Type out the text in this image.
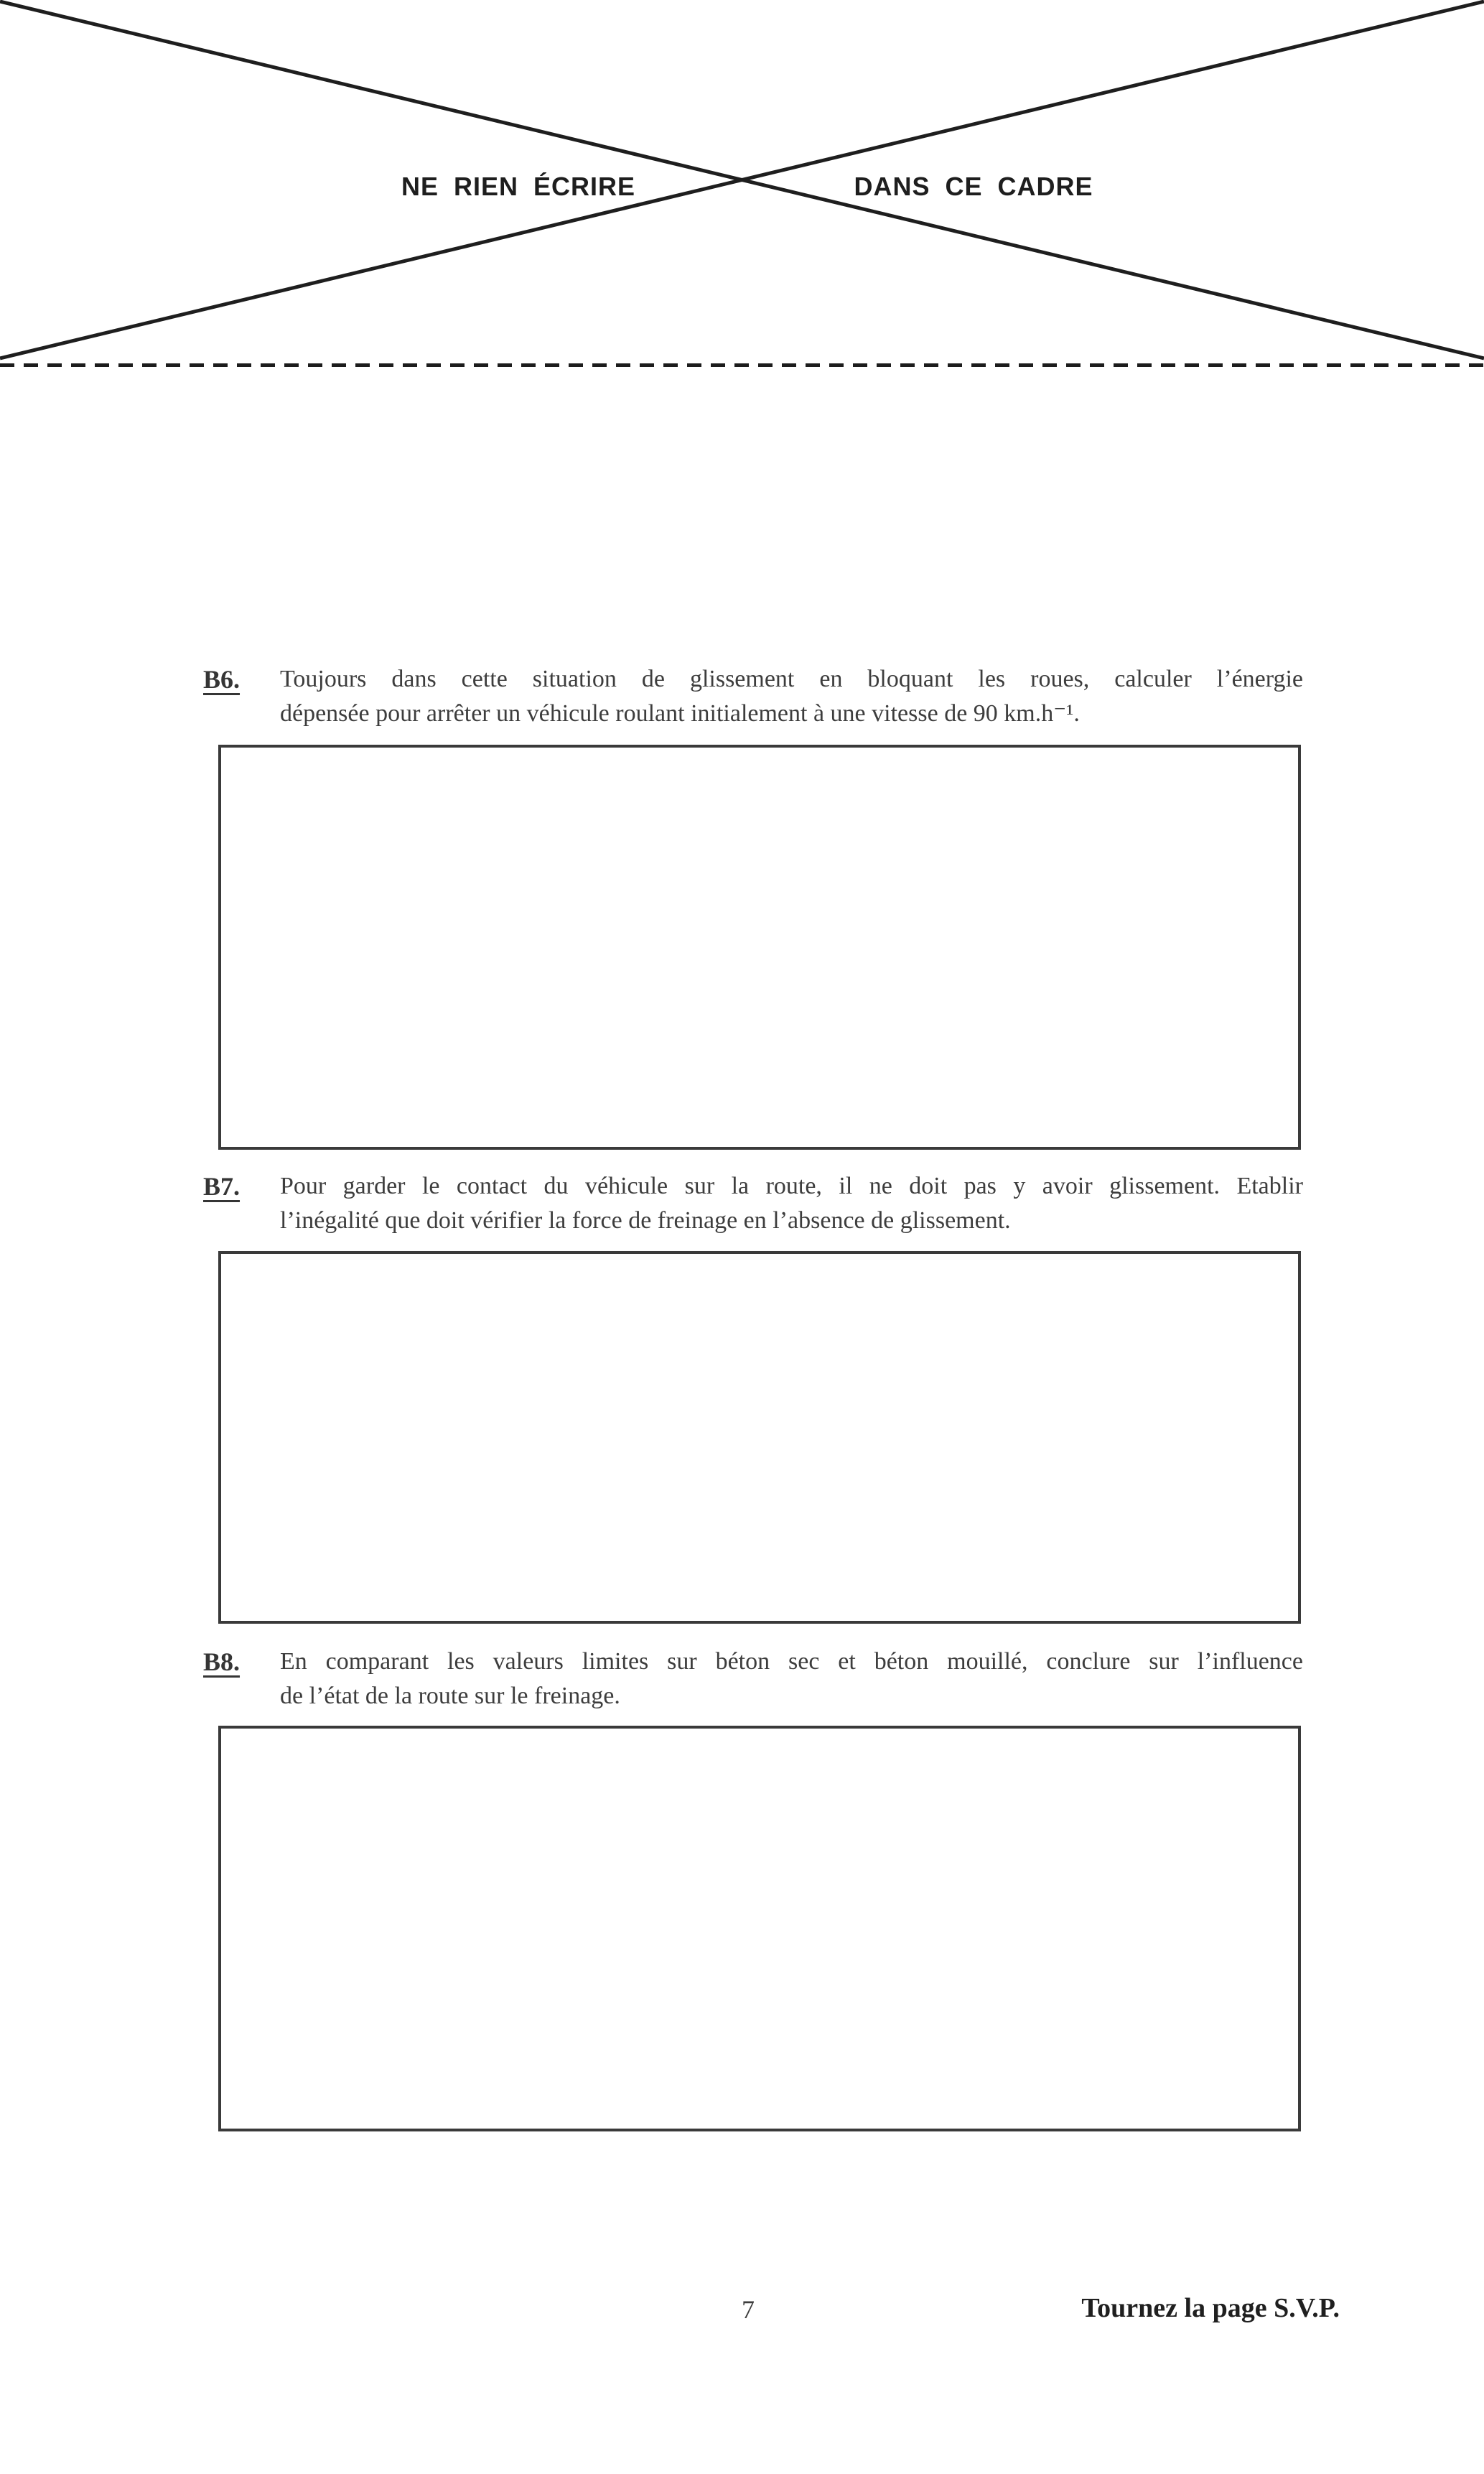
NE RIEN ÉCRIRE	DANS CE CADRE
B6.	Toujours dans cette situation de glissement en bloquant les roues, calculer l’énergie
dépensée pour arrêter un véhicule roulant initialement à une vitesse de 90 km.h⁻¹.
B7.	Pour garder le contact du véhicule sur la route, il ne doit pas y avoir glissement. Etablir
l’inégalité que doit vérifier la force de freinage en l’absence de glissement.
B8.	En comparant les valeurs limites sur béton sec et béton mouillé, conclure sur l’influence
de l’état de la route sur le freinage.
7	Tournez la page S.V.P.
